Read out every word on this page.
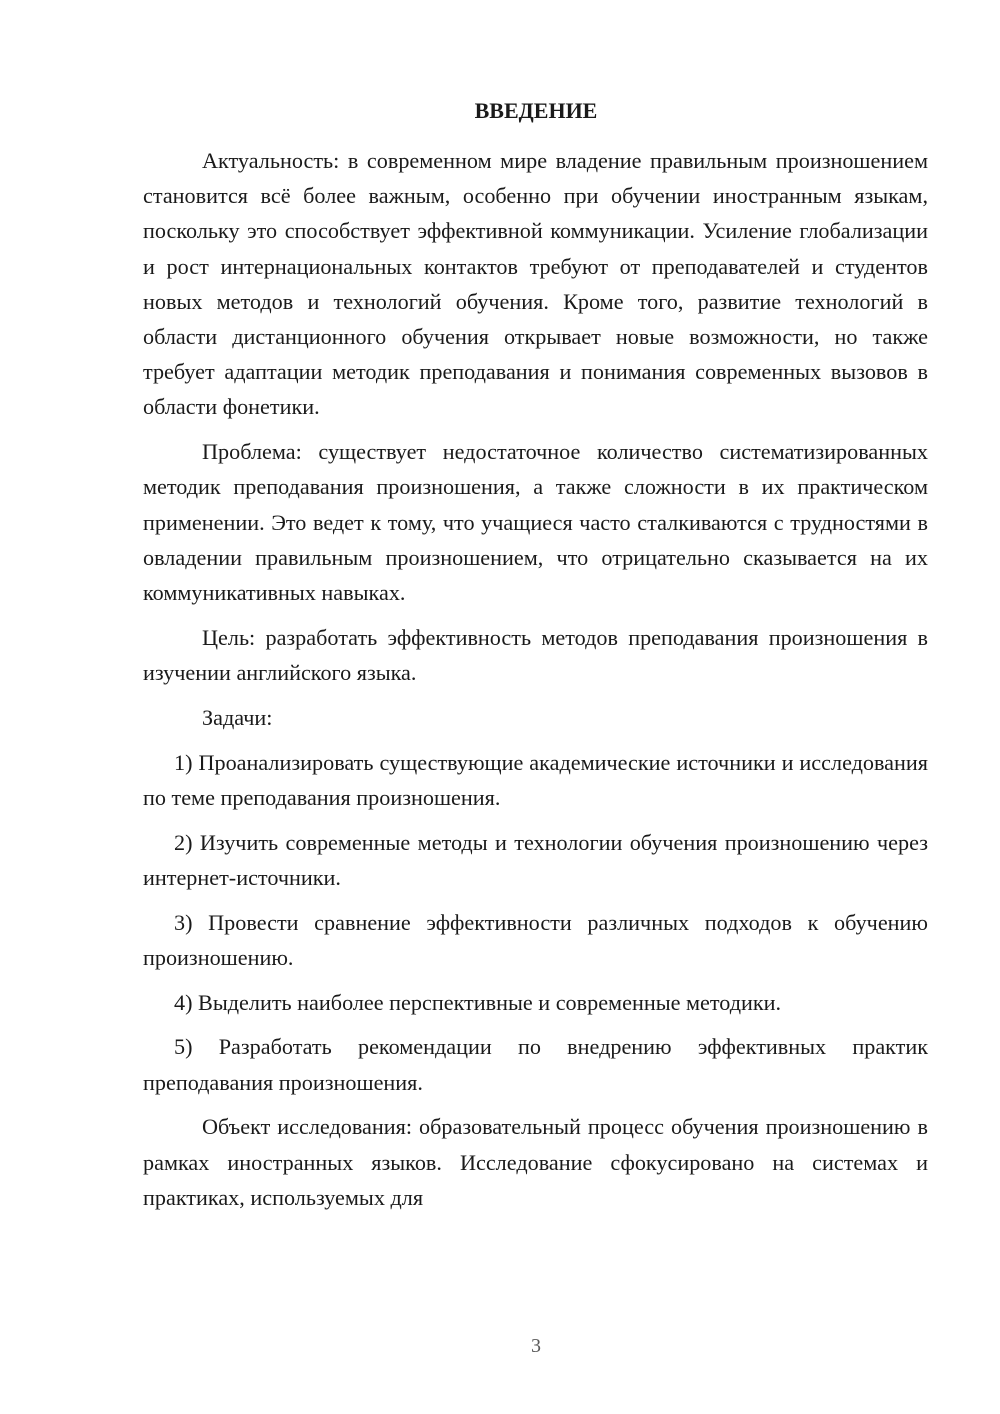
ВВЕДЕНИЕ

Актуальность: в современном мире владение правильным произношением становится всё более важным, особенно при обучении иностранным языкам, поскольку это способствует эффективной коммуникации. Усиление глобализации и рост интернациональных контактов требуют от преподавателей и студентов новых методов и технологий обучения. Кроме того, развитие технологий в области дистанционного обучения открывает новые возможности, но также требует адаптации методик преподавания и понимания современных вызовов в области фонетики.

Проблема: существует недостаточное количество систематизированных методик преподавания произношения, а также сложности в их практическом применении. Это ведет к тому, что учащиеся часто сталкиваются с трудностями в овладении правильным произношением, что отрицательно сказывается на их коммуникативных навыках.

Цель: разработать эффективность методов преподавания произношения в изучении английского языка.

Задачи:

1) Проанализировать существующие академические источники и исследования по теме преподавания произношения.

2) Изучить современные методы и технологии обучения произношению через интернет-источники.

3) Провести сравнение эффективности различных подходов к обучению произношению.

4) Выделить наиболее перспективные и современные методики.

5) Разработать рекомендации по внедрению эффективных практик преподавания произношения.

Объект исследования: образовательный процесс обучения произношению в рамках иностранных языков. Исследование сфокусировано на системах и практиках, используемых для

3
